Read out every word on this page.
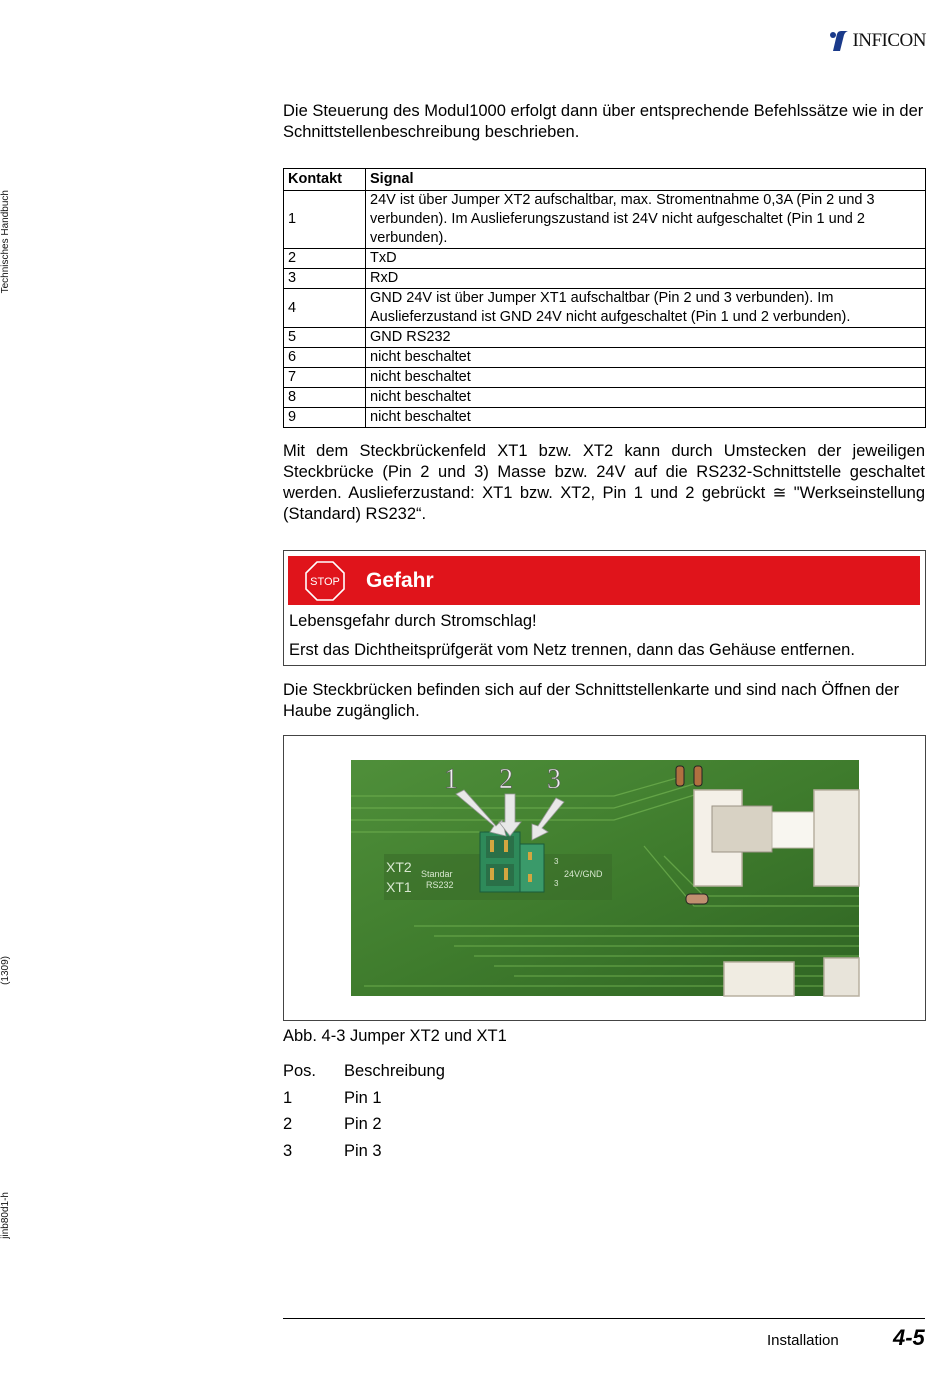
INFICON
Technisches Handbuch
(1309)
jinb80d1-h

Die Steuerung des Modul1000 erfolgt dann über entsprechende Befehlssätze wie in der Schnittstellenbeschreibung beschrieben.

Kontakt	Signal
1	24V ist über Jumper XT2 aufschaltbar, max. Stromentnahme 0,3A (Pin 2 und 3 verbunden). Im Auslieferungszustand ist 24V nicht aufgeschaltet (Pin 1 und 2 verbunden).
2	TxD
3	RxD
4	GND 24V ist über Jumper XT1 aufschaltbar (Pin 2 und 3 verbunden). Im Auslieferzustand ist GND 24V nicht aufgeschaltet (Pin 1 und 2 verbunden).
5	GND RS232
6	nicht beschaltet
7	nicht beschaltet
8	nicht beschaltet
9	nicht beschaltet

Mit dem Steckbrückenfeld XT1 bzw. XT2 kann durch Umstecken der jeweiligen Steckbrücke (Pin 2 und 3) Masse bzw. 24V auf die RS232-Schnittstelle geschaltet werden. Auslieferzustand: XT1 bzw. XT2, Pin 1 und 2 gebrückt ≅ "Werkseinstellung (Standard) RS232“.

STOP Gefahr
Lebensgefahr durch Stromschlag!
Erst das Dichtheitsprüfgerät vom Netz trennen, dann das Gehäuse entfernen.

Die Steckbrücken befinden sich auf der Schnittstellenkarte und sind nach Öffnen der Haube zugänglich.

XT2
XT1
Standar
RS232
24V/GND
3
3
1 2 3
Abb. 4-3 Jumper XT2 und XT1
Pos.	Beschreibung
1	Pin 1
2	Pin 2
3	Pin 3
Installation 4-5
